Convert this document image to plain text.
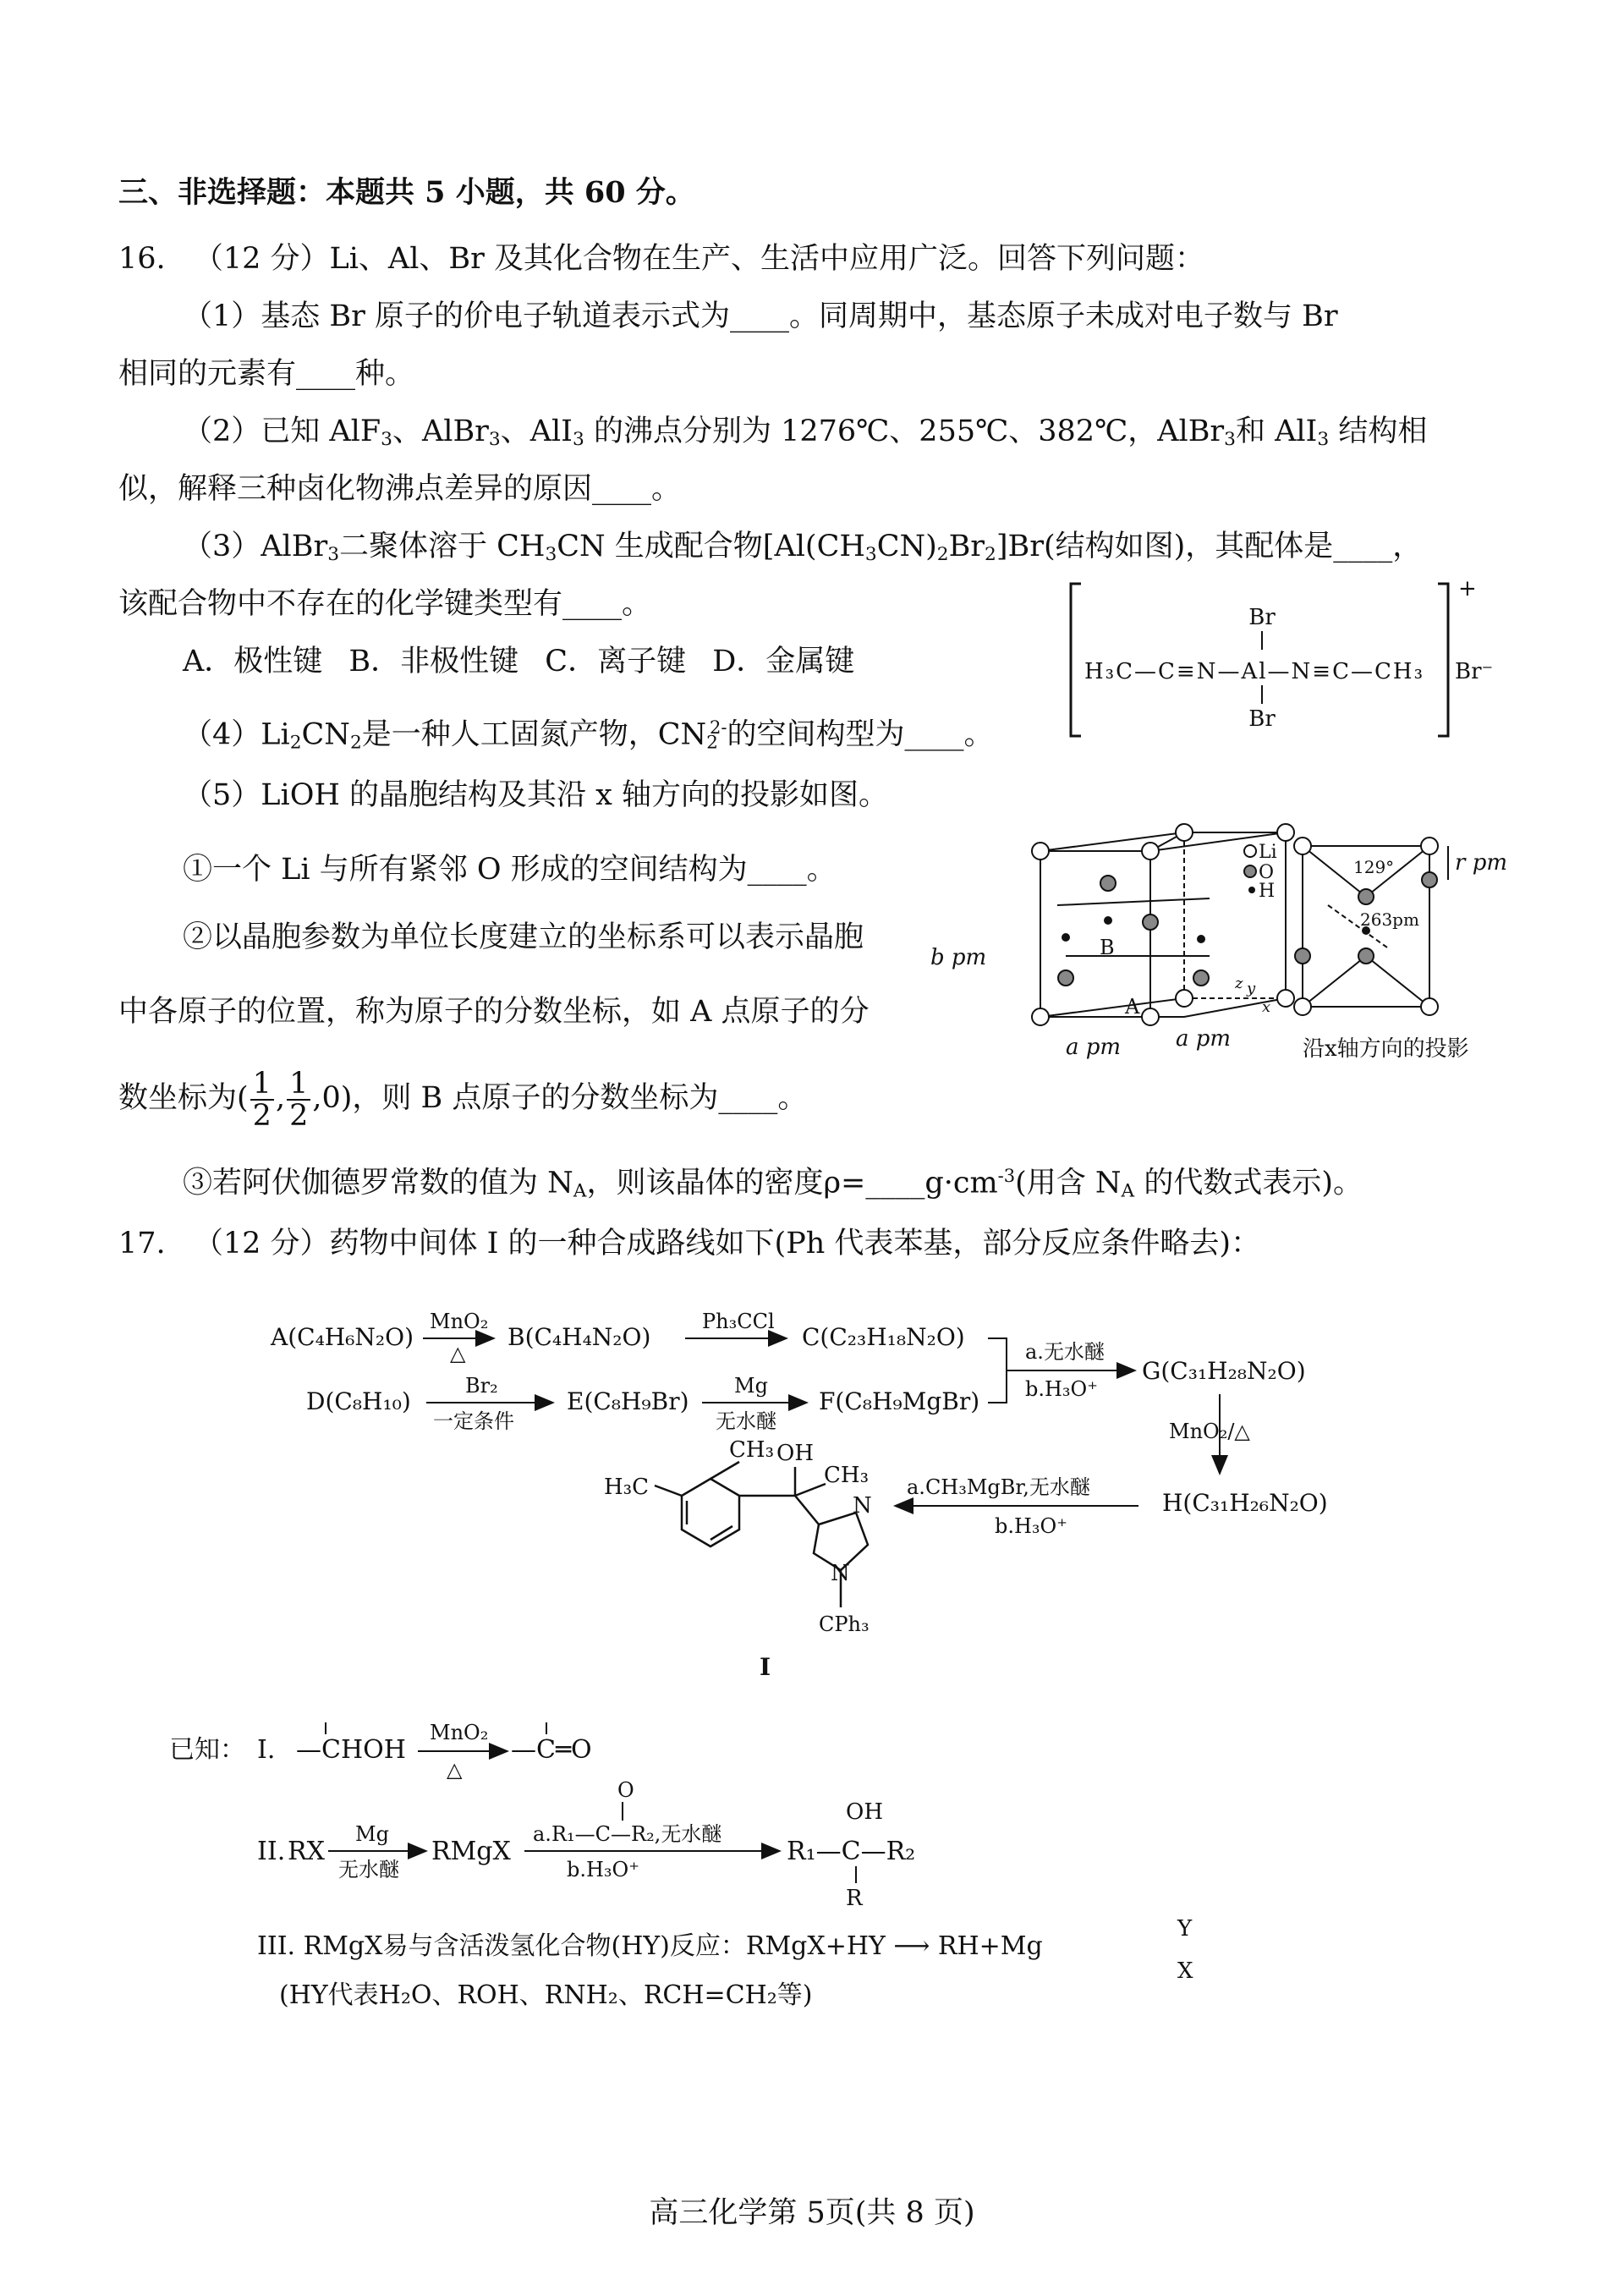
三、非选择题：本题共 5 小题，共 60 分。
16. （12 分）Li、Al、Br 及其化合物在生产、生活中应用广泛。回答下列问题：
（1）基态 Br 原子的价电子轨道表示式为____。同周期中，基态原子未成对电子数与 Br
相同的元素有____种。
（2）已知 AlF$_3$、AlBr$_3$、AlI$_3$ 的沸点分别为 1276℃、255℃、382℃，AlBr$_3$和 AlI$_3$ 结构相
似，解释三种卤化物沸点差异的原因____。
（3）AlBr$_3$二聚体溶于 $CH_3CN$ 生成配合物$[Al(CH_3CN)_2Br_2]Br$(结构如图)，其配体是____，
该配合物中不存在的化学键类型有____。
A．极性键 B．非极性键 C．离子键 D．金属键
$(4)Li_2CN_2$是一种人工固氮产物，$CN_2^{2-}$的空间构型为____。
Br
H₃C—C≡N—Al—N≡C—CH₃
Br
+
Br⁻
（5）LiOH 的晶胞结构及其沿 x 轴方向的投影如图。
①一个 Li 与所有紧邻 O 形成的空间结构为____。
②以晶胞参数为单位长度建立的坐标系可以表示晶胞
中各原子的位置，称为原子的分数坐标，如 A 点原子的分
数坐标为( $\frac{1}{2}$ , $\frac{1}{2} ,0$)，则 B 点原子的分数坐标为____。
③若阿伏伽德罗常数的值为 $N_A$，则该晶体的密度$\rho=\_\_\_\_g\cdot cm^{-3}$(用含 $N_A$ 的代数式表示)。
b pm
a pm a pm
B
A
Li
O
H
129°
263pm
r pm
沿x轴方向的投影
z y
x
17. （12 分）药物中间体 I 的一种合成路线如下(Ph 代表苯基，部分反应条件略去)：
A(C₄H₆N₂O)
MnO₂
△
B(C₄H₄N₂O)
Ph₃CCl
C(C₂₃H₁₈N₂O)
D(C₈H₁₀)
Br₂
一定条件
E(C₈H₉Br)
Mg
无水醚
F(C₈H₉MgBr)
a.无水醚
b.H₃O⁺
G(C₃₁H₂₈N₂O)
MnO₂/△
H(C₃₁H₂₆N₂O)
a.CH₃MgBr,无水醚
b.H₃O⁺
CH₃
H₃C
OH
CH₃
N
N
CPh₃
I
已知： I. —CHOH
MnO₂
△
—C═O
II. RX
Mg
无水醚
RMgX
O
a.R₁—C—R₂,无水醚
b.H₃O⁺
OH
R₁—C—R₂
R
III. RMgX易与含活泼氢化合物(HY)反应：RMgX+HY ⟶ RH+Mg
Y
X
(HY代表H₂O、ROH、RNH₂、RCH=CH₂等)
高三化学第 5页(共 8 页)
